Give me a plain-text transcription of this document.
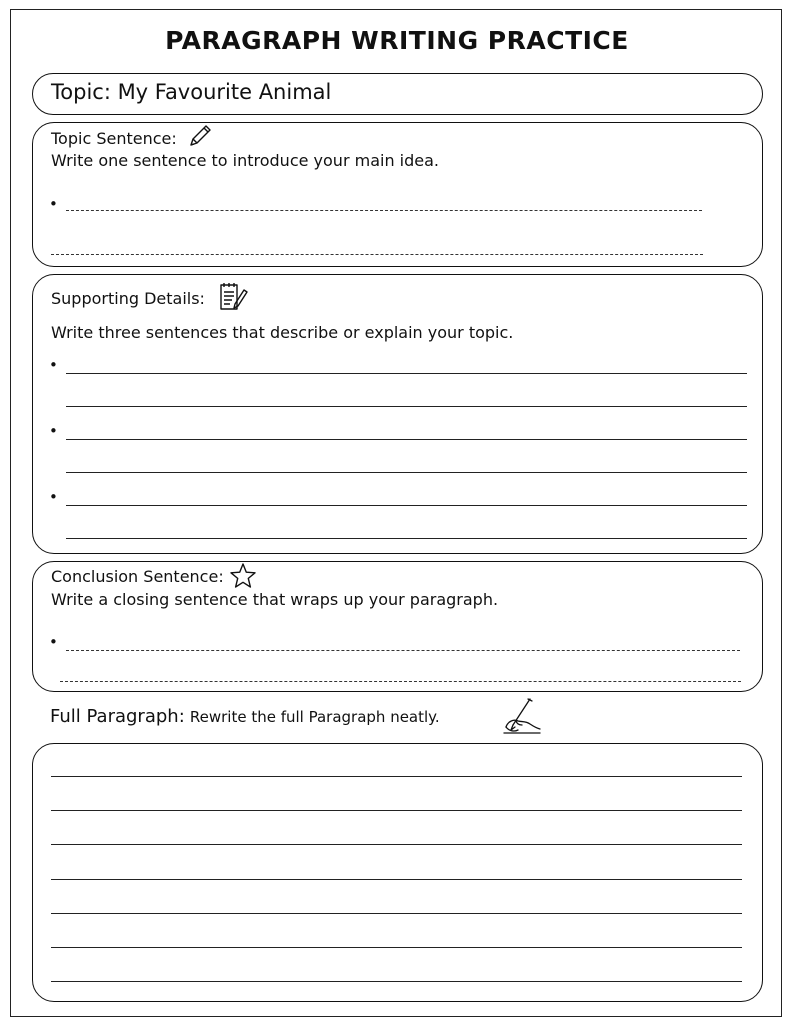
PARAGRAPH WRITING PRACTICE
Topic: My Favourite Animal
Topic Sentence:
Write one sentence to introduce your main idea.
•
Supporting Details:
Write three sentences that describe or explain your topic.
•
•
•
Conclusion Sentence:
Write a closing sentence that wraps up your paragraph.
•
Full Paragraph: Rewrite the full Paragraph neatly.
